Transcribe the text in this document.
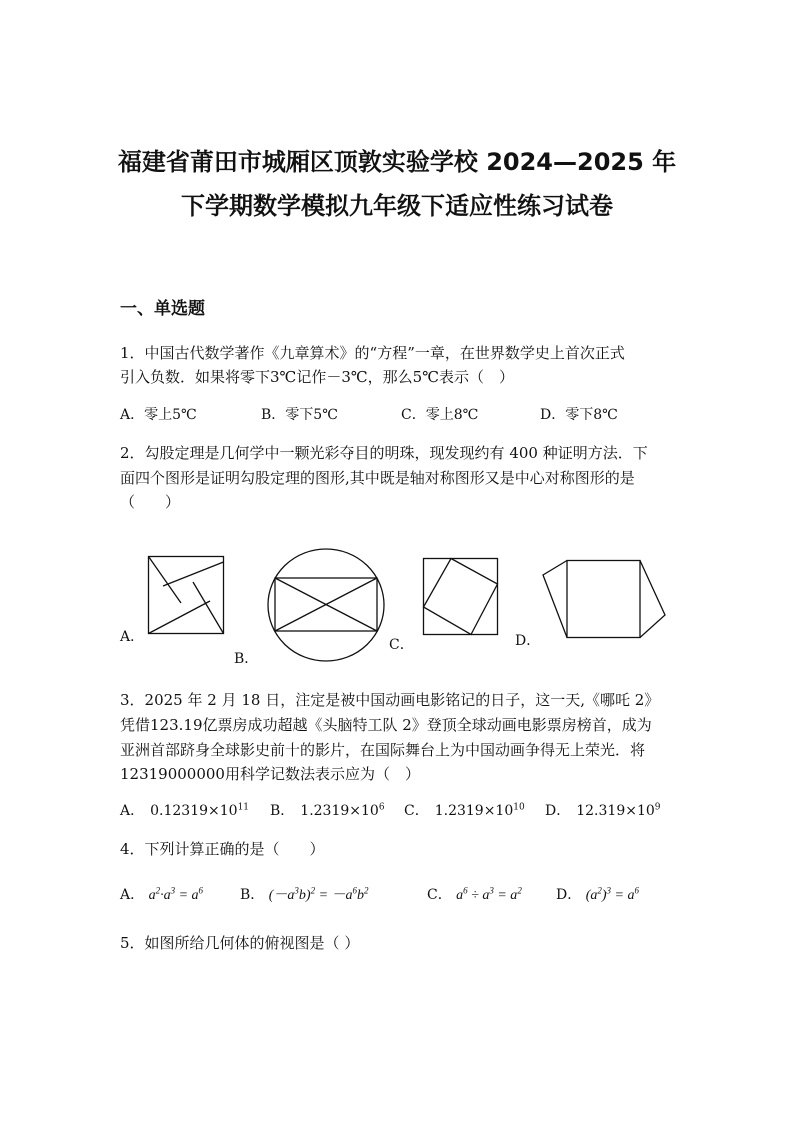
福建省莆田市城厢区顶敦实验学校 2024—2025 年
下学期数学模拟九年级下适应性练习试卷
一、单选题
1．中国古代数学著作《九章算术》的“方程”一章，在世界数学史上首次正式
引入负数．如果将零下3℃记作－3℃，那么5℃表示（　）
A．零上5℃	B．零下5℃	C．零上8℃	D．零下8℃
2．勾股定理是几何学中一颗光彩夺目的明珠，现发现约有 400 种证明方法．下
面四个图形是证明勾股定理的图形,其中既是轴对称图形又是中心对称图形的是
（　　）
A．
B．
C．	D．
3．2025 年 2 月 18 日，注定是被中国动画电影铭记的日子，这一天,《哪吒 2》
凭借123.19亿票房成功超越《头脑特工队 2》登顶全球动画电影票房榜首，成为
亚洲首部跻身全球影史前十的影片，在国际舞台上为中国动画争得无上荣光．将
12319000000用科学记数法表示应为（　）
A． $0.12319\times 10^{11}$ B． $1.2319\times 10^6$ C． $1.2319\times 10^{10}$ D． $12.319\times 10^9$
4．下列计算正确的是（　　）
A． $a^2\cdot a^3 = a^6$	B． $(-a^3b)^2 = -a^6b^2$	C． $a^6 \div a^3 = a^2$ D． $(a^2)^3 = a^6$
5．如图所给几何体的俯视图是（ ）
